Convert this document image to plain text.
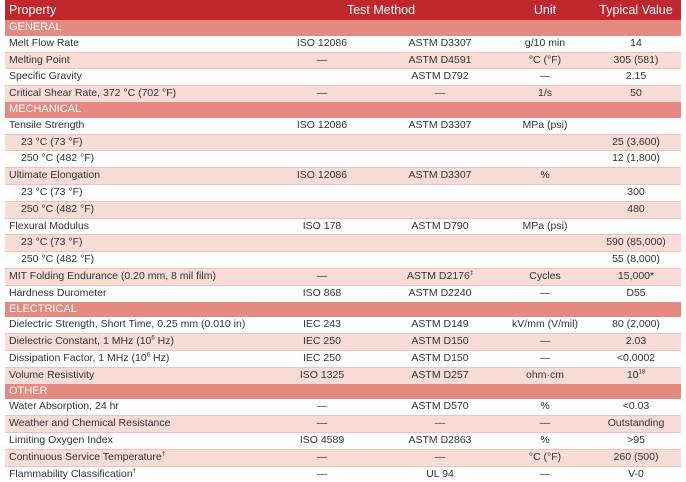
Property	Test Method		Unit	Typical Value
GENERAL				
Melt Flow Rate	ISO 12086	ASTM D3307	g/10 min	14
Melting Point	—	ASTM D4591	°C (°F)	305 (581)
Specific Gravity		ASTM D792	—	2.15
Critical Shear Rate, 372 °C (702 °F)	—	—	1/s	50
MECHANICAL				
Tensile Strength	ISO 12086	ASTM D3307	MPa (psi)	
23 °C (73 °F)				25 (3,600)
250 °C (482 °F)				12 (1,800)
Ultimate Elongation	ISO 12086	ASTM D3307	%	
23 °C (73 °F)				300
250 °C (482 °F)				480
Flexural Modulus	ISO 178	ASTM D790	MPa (psi)	
23 °C (73 °F)				590 (85,000)
250 °C (482 °F)				55 (8,000)
MIT Folding Endurance (0.20 mm, 8 mil film)	—	ASTM D2176‡	Cycles	15,000*
Hardness Durometer	ISO 868	ASTM D2240	—	D55
ELECTRICAL				
Dielectric Strength, Short Time, 0.25 mm (0.010 in)	IEC 243	ASTM D149	kV/mm (V/mil)	80 (2,000)
Dielectric Constant, 1 MHz ($10^6$ Hz)	IEC 250	ASTM D150	—	2.03
Dissipation Factor, 1 MHz ($10^6$ Hz)	IEC 250	ASTM D150	—	<0.0002
Volume Resistivity	ISO 1325	ASTM D257	ohm·cm	$10^{18}$
OTHER				
Water Absorption, 24 hr	—	ASTM D570	%	<0.03
Weather and Chemical Resistance	—	—	—	Outstanding
Limiting Oxygen Index	ISO 4589	ASTM D2863	%	>95
Continuous Service Temperature†	—	—	°C (°F)	260 (500)
Flammability Classification†	—	UL 94	—	V-0
